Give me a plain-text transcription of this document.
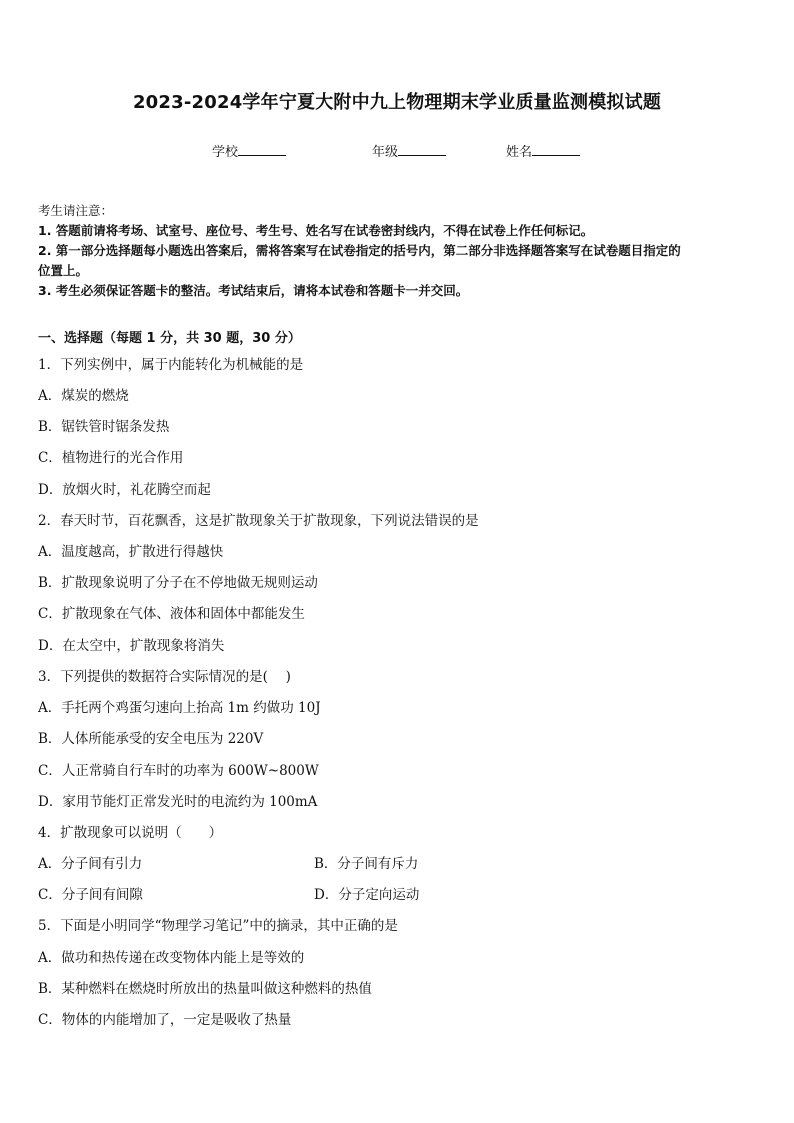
2023-2024学年宁夏大附中九上物理期末学业质量监测模拟试题
学校	年级	姓名
考生请注意：
1. 答题前请将考场、试室号、座位号、考生号、姓名写在试卷密封线内，不得在试卷上作任何标记。
2. 第一部分选择题每小题选出答案后，需将答案写在试卷指定的括号内，第二部分非选择题答案写在试卷题目指定的
位置上。
3. 考生必须保证答题卡的整洁。考试结束后，请将本试卷和答题卡一并交回。
一、选择题（每题 1 分，共 30 题，30 分）
1．下列实例中，属于内能转化为机械能的是
A．煤炭的燃烧
B．锯铁管时锯条发热
C．植物进行的光合作用
D．放烟火时，礼花腾空而起
2．春天时节，百花飘香，这是扩散现象关于扩散现象，下列说法错误的是
A．温度越高，扩散进行得越快
B．扩散现象说明了分子在不停地做无规则运动
C．扩散现象在气体、液体和固体中都能发生
D．在太空中，扩散现象将消失
3．下列提供的数据符合实际情况的是(　 )
A．手托两个鸡蛋匀速向上抬高 1m 约做功 10J
B．人体所能承受的安全电压为 220V
C．人正常骑自行车时的功率为 600W~800W
D．家用节能灯正常发光时的电流约为 100mA
4．扩散现象可以说明（　　）
A．分子间有引力	B．分子间有斥力
C．分子间有间隙	D．分子定向运动
5．下面是小明同学“物理学习笔记”中的摘录，其中正确的是
A．做功和热传递在改变物体内能上是等效的
B．某种燃料在燃烧时所放出的热量叫做这种燃料的热值
C．物体的内能增加了，一定是吸收了热量
